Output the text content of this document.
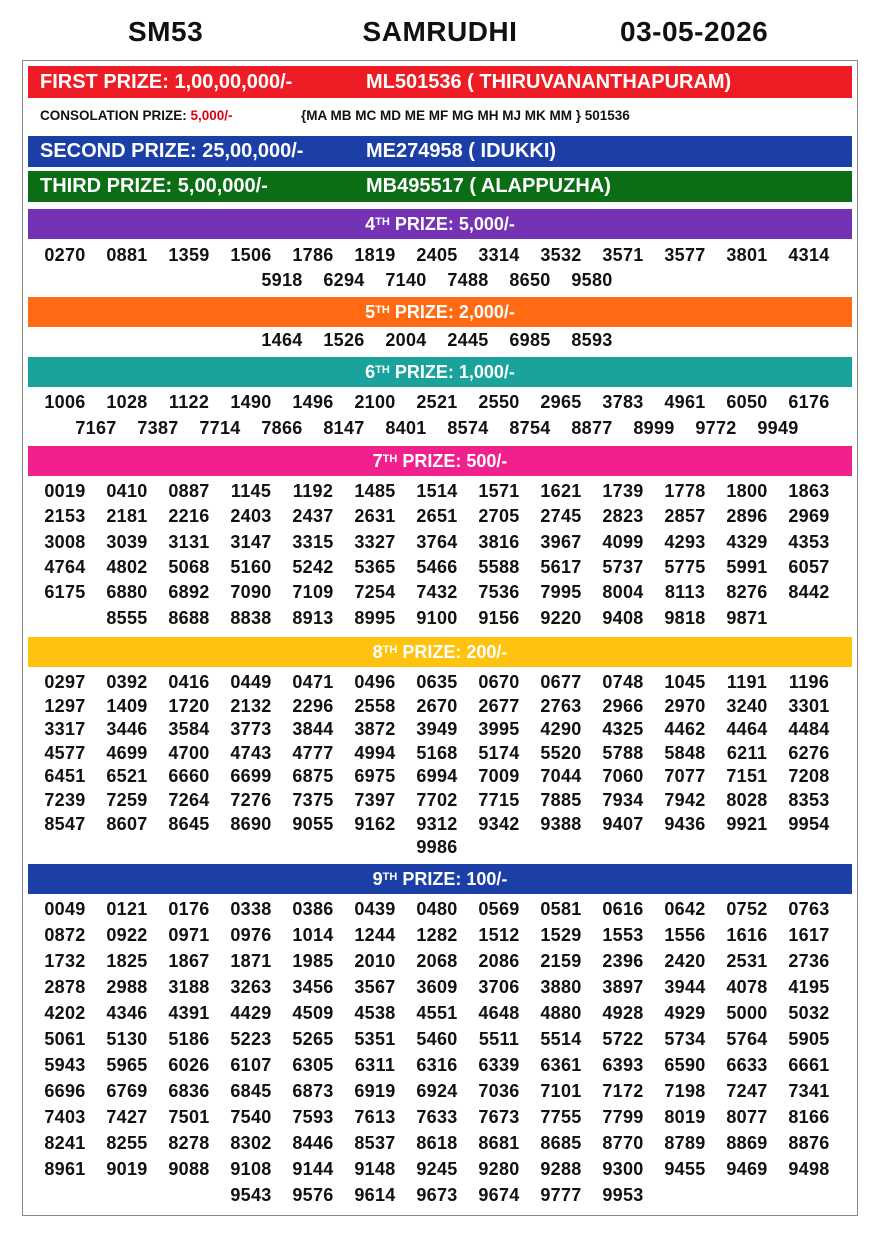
SM53	SAMRUDHI	03-05-2026
FIRST PRIZE: 1,00,00,000/-	ML501536 ( THIRUVANANTHAPURAM)
CONSOLATION PRIZE: 5,000/-	{MA MB MC MD ME MF MG MH MJ MK MM } 501536
SECOND PRIZE: 25,00,000/-	ME274958 ( IDUKKI)
THIRD PRIZE: 5,00,000/-	MB495517 ( ALAPPUZHA)
4TH PRIZE: 5,000/-
0270	0881	1359	1506	1786	1819	2405	3314	3532	3571	3577	3801	4314
5918	6294	7140	7488	8650	9580
5TH PRIZE: 2,000/-
1464	1526	2004	2445	6985	8593
6TH PRIZE: 1,000/-
1006	1028	1122	1490	1496	2100	2521	2550	2965	3783	4961	6050	6176
7167	7387	7714	7866	8147	8401	8574	8754	8877	8999	9772	9949
7TH PRIZE: 500/-
0019	0410	0887	1145	1192	1485	1514	1571	1621	1739	1778	1800	1863
2153	2181	2216	2403	2437	2631	2651	2705	2745	2823	2857	2896	2969
3008	3039	3131	3147	3315	3327	3764	3816	3967	4099	4293	4329	4353
4764	4802	5068	5160	5242	5365	5466	5588	5617	5737	5775	5991	6057
6175	6880	6892	7090	7109	7254	7432	7536	7995	8004	8113	8276	8442
8555	8688	8838	8913	8995	9100	9156	9220	9408	9818	9871
8TH PRIZE: 200/-
0297	0392	0416	0449	0471	0496	0635	0670	0677	0748	1045	1191	1196
1297	1409	1720	2132	2296	2558	2670	2677	2763	2966	2970	3240	3301
3317	3446	3584	3773	3844	3872	3949	3995	4290	4325	4462	4464	4484
4577	4699	4700	4743	4777	4994	5168	5174	5520	5788	5848	6211	6276
6451	6521	6660	6699	6875	6975	6994	7009	7044	7060	7077	7151	7208
7239	7259	7264	7276	7375	7397	7702	7715	7885	7934	7942	8028	8353
8547	8607	8645	8690	9055	9162	9312	9342	9388	9407	9436	9921	9954
9986
9TH PRIZE: 100/-
0049	0121	0176	0338	0386	0439	0480	0569	0581	0616	0642	0752	0763
0872	0922	0971	0976	1014	1244	1282	1512	1529	1553	1556	1616	1617
1732	1825	1867	1871	1985	2010	2068	2086	2159	2396	2420	2531	2736
2878	2988	3188	3263	3456	3567	3609	3706	3880	3897	3944	4078	4195
4202	4346	4391	4429	4509	4538	4551	4648	4880	4928	4929	5000	5032
5061	5130	5186	5223	5265	5351	5460	5511	5514	5722	5734	5764	5905
5943	5965	6026	6107	6305	6311	6316	6339	6361	6393	6590	6633	6661
6696	6769	6836	6845	6873	6919	6924	7036	7101	7172	7198	7247	7341
7403	7427	7501	7540	7593	7613	7633	7673	7755	7799	8019	8077	8166
8241	8255	8278	8302	8446	8537	8618	8681	8685	8770	8789	8869	8876
8961	9019	9088	9108	9144	9148	9245	9280	9288	9300	9455	9469	9498
9543	9576	9614	9673	9674	9777	9953
